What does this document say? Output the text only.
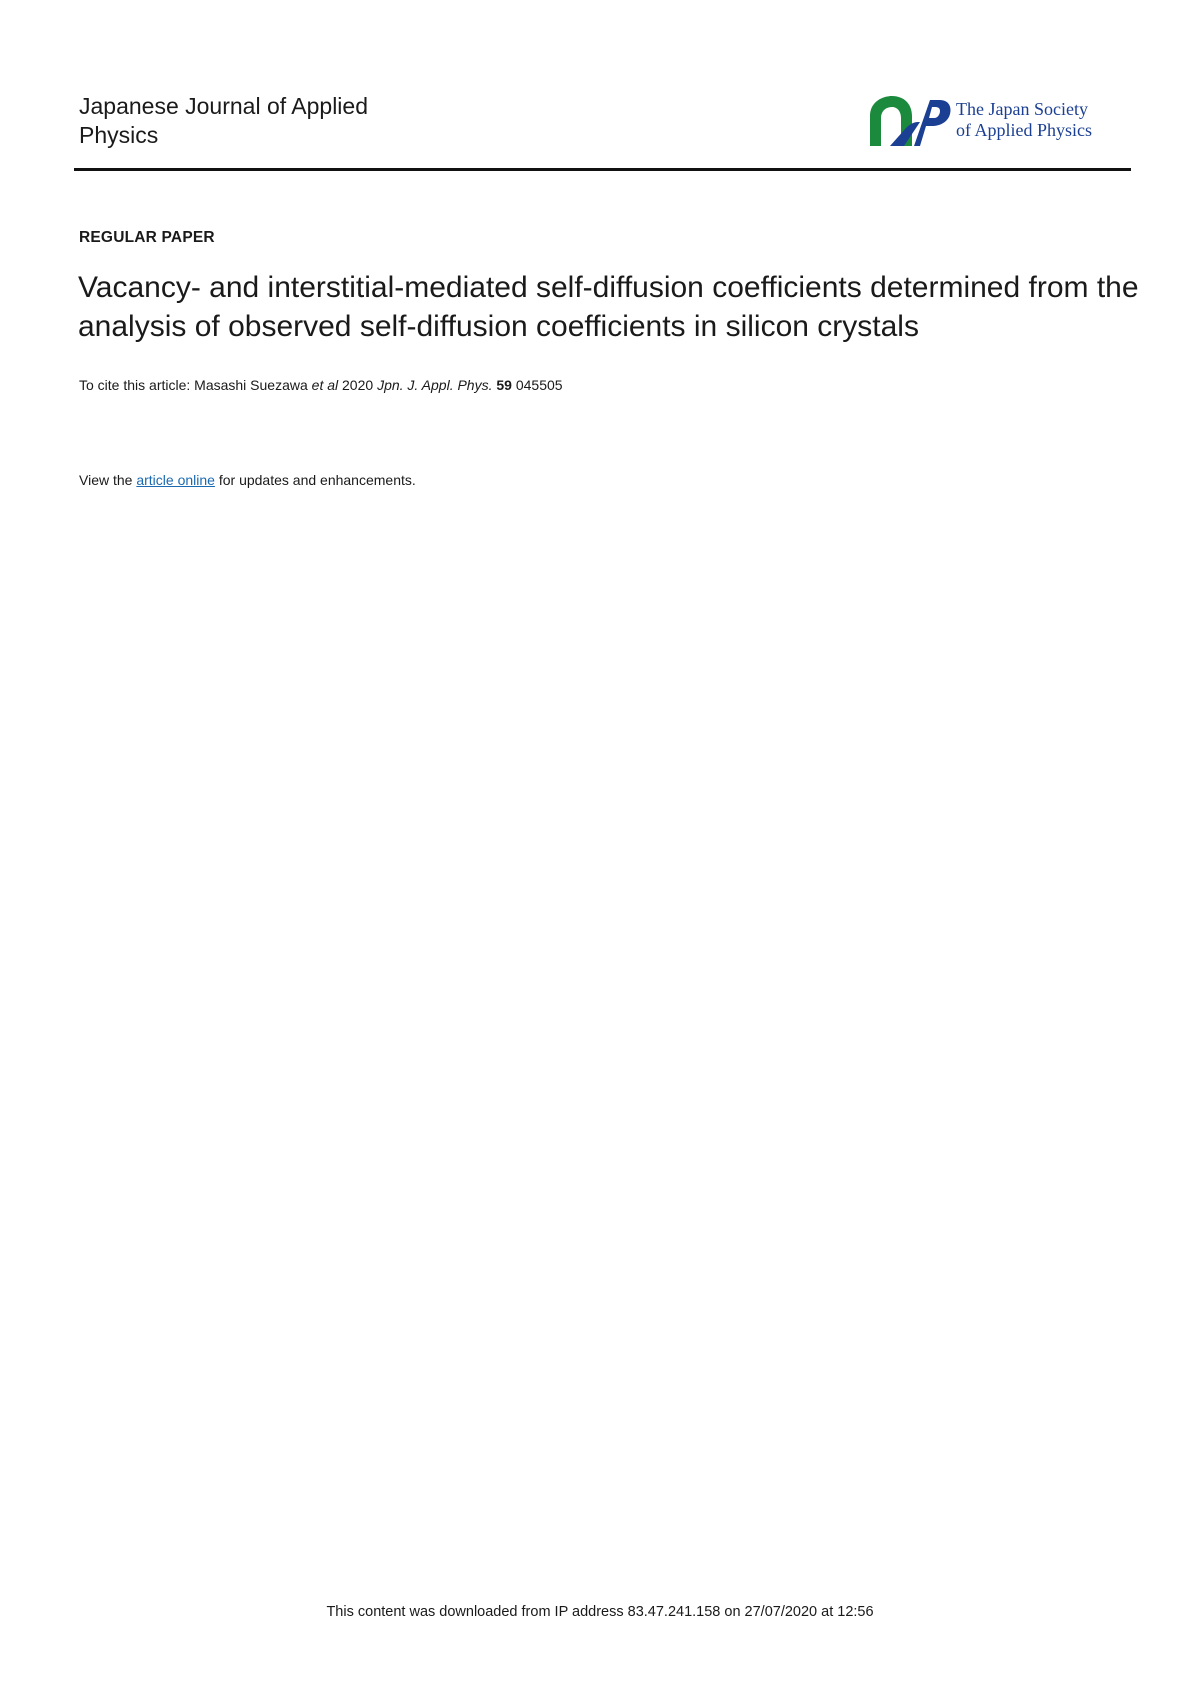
Japanese Journal of Applied
Physics
The Japan Society
of Applied Physics
REGULAR PAPER
Vacancy- and interstitial-mediated self-diffusion coefficients determined from the analysis of observed self-diffusion coefficients in silicon crystals
To cite this article: Masashi Suezawa et al 2020 Jpn. J. Appl. Phys. 59 045505
View the article online for updates and enhancements.
This content was downloaded from IP address 83.47.241.158 on 27/07/2020 at 12:56
